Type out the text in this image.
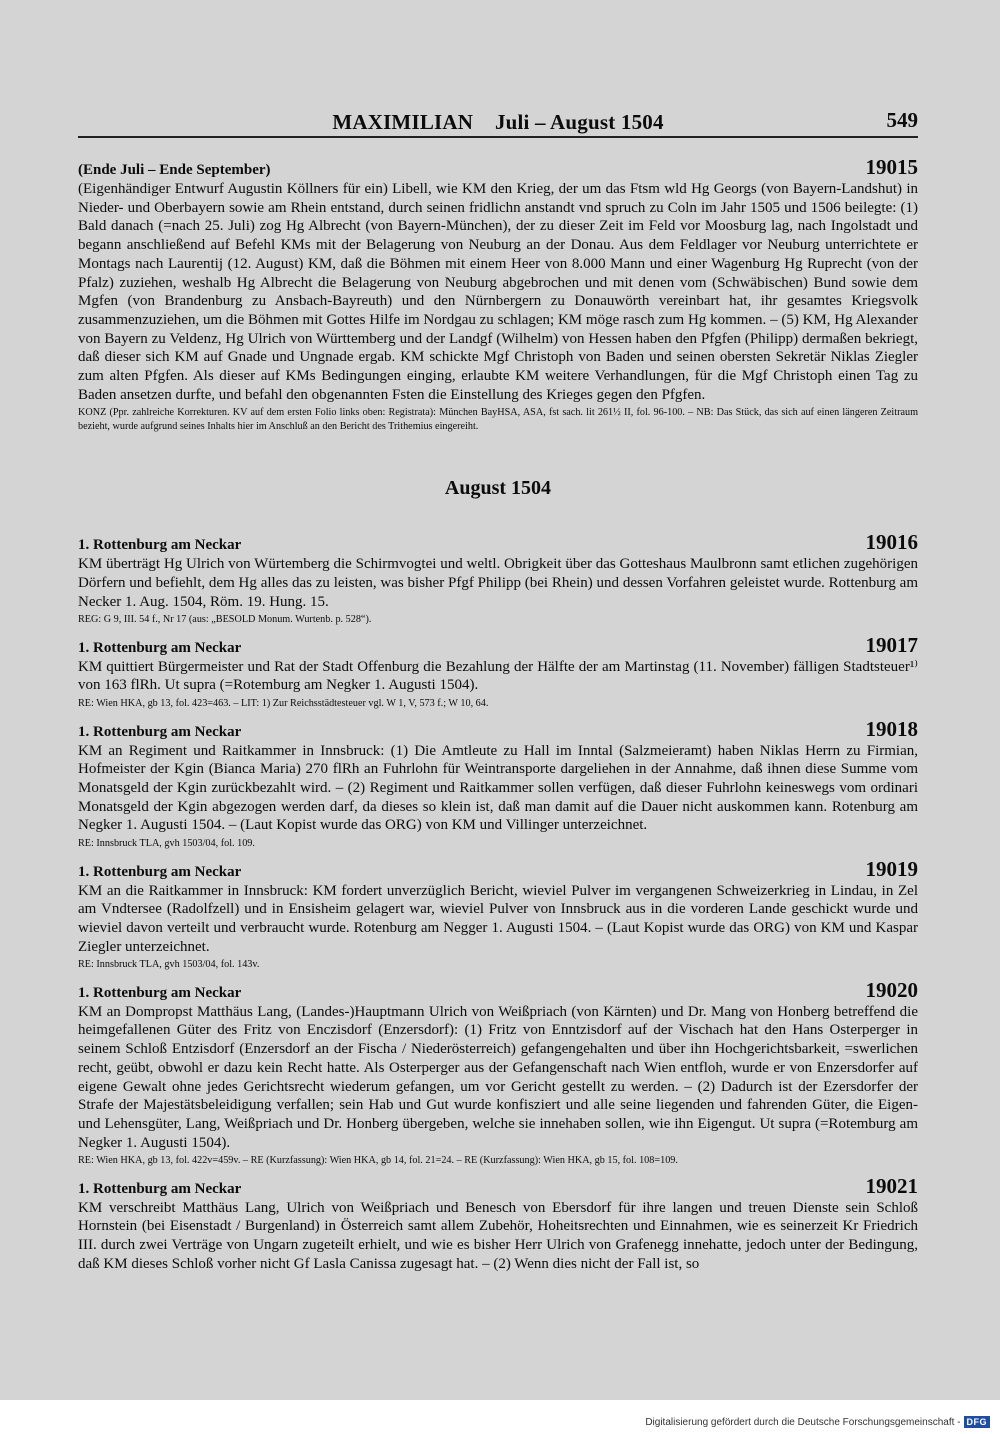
MAXIMILIAN    Juli – August 1504	549
(Ende Juli – Ende September)	19015

(Eigenhändiger Entwurf Augustin Köllners für ein) Libell, wie KM den Krieg, der um das Ftsm wld Hg Georgs (von Bayern-Landshut) in Nieder- und Oberbayern sowie am Rhein entstand, durch seinen fridlichn anstandt vnd spruch zu Coln im Jahr 1505 und 1506 beilegte: (1) Bald danach (=nach 25. Juli) zog Hg Albrecht (von Bayern-München), der zu dieser Zeit im Feld vor Moosburg lag, nach Ingolstadt und begann anschließend auf Befehl KMs mit der Belagerung von Neuburg an der Donau. Aus dem Feldlager vor Neuburg unterrichtete er Montags nach Laurentij (12. August) KM, daß die Böhmen mit einem Heer von 8.000 Mann und einer Wagenburg Hg Ruprecht (von der Pfalz) zuziehen, weshalb Hg Albrecht die Belagerung von Neuburg abgebrochen und mit denen vom (Schwäbischen) Bund sowie dem Mgfen (von Brandenburg zu Ansbach-Bayreuth) und den Nürnbergern zu Donauwörth vereinbart hat, ihr gesamtes Kriegsvolk zusammenzuziehen, um die Böhmen mit Gottes Hilfe im Nordgau zu schlagen; KM möge rasch zum Hg kommen. – (5) KM, Hg Alexander von Bayern zu Veldenz, Hg Ulrich von Württemberg und der Landgf (Wilhelm) von Hessen haben den Pfgfen (Philipp) dermaßen bekriegt, daß dieser sich KM auf Gnade und Ungnade ergab. KM schickte Mgf Christoph von Baden und seinen obersten Sekretär Niklas Ziegler zum alten Pfgfen. Als dieser auf KMs Bedingungen einging, erlaubte KM weitere Verhandlungen, für die Mgf Christoph einen Tag zu Baden ansetzen durfte, und befahl den obgenannten Fsten die Einstellung des Krieges gegen den Pfgfen.

KONZ (Ppr. zahlreiche Korrekturen. KV auf dem ersten Folio links oben: Registrata): München BayHSA, ASA, fst sach. lit 261½ II, fol. 96-100. – NB: Das Stück, das sich auf einen längeren Zeitraum bezieht, wurde aufgrund seines Inhalts hier im Anschluß an den Bericht des Trithemius eingereiht.

August 1504
1. Rottenburg am Neckar	19016

KM überträgt Hg Ulrich von Würtemberg die Schirmvogtei und weltl. Obrigkeit über das Gotteshaus Maulbronn samt etlichen zugehörigen Dörfern und befiehlt, dem Hg alles das zu leisten, was bisher Pfgf Philipp (bei Rhein) und dessen Vorfahren geleistet wurde. Rottenburg am Necker 1. Aug. 1504, Röm. 19. Hung. 15.

REG: G 9, III. 54 f., Nr 17 (aus: „BESOLD Monum. Wurtenb. p. 528“).

1. Rottenburg am Neckar	19017

KM quittiert Bürgermeister und Rat der Stadt Offenburg die Bezahlung der Hälfte der am Martinstag (11. November) fälligen Stadtsteuer¹⁾ von 163 flRh. Ut supra (=Rotemburg am Negker 1. Augusti 1504).

RE: Wien HKA, gb 13, fol. 423=463. – LIT: 1) Zur Reichsstädtesteuer vgl. W 1, V, 573 f.; W 10, 64.

1. Rottenburg am Neckar	19018

KM an Regiment und Raitkammer in Innsbruck: (1) Die Amtleute zu Hall im Inntal (Salzmeieramt) haben Niklas Herrn zu Firmian, Hofmeister der Kgin (Bianca Maria) 270 flRh an Fuhrlohn für Weintransporte dargeliehen in der Annahme, daß ihnen diese Summe vom Monatsgeld der Kgin zurückbezahlt wird. – (2) Regiment und Raitkammer sollen verfügen, daß dieser Fuhrlohn keineswegs vom ordinari Monatsgeld der Kgin abgezogen werden darf, da dieses so klein ist, daß man damit auf die Dauer nicht auskommen kann. Rotenburg am Negker 1. Augusti 1504. – (Laut Kopist wurde das ORG) von KM und Villinger unterzeichnet.

RE: Innsbruck TLA, gvh 1503/04, fol. 109.

1. Rottenburg am Neckar	19019

KM an die Raitkammer in Innsbruck: KM fordert unverzüglich Bericht, wieviel Pulver im vergangenen Schweizerkrieg in Lindau, in Zel am Vndtersee (Radolfzell) und in Ensisheim gelagert war, wieviel Pulver von Innsbruck aus in die vorderen Lande geschickt wurde und wieviel davon verteilt und verbraucht wurde. Rotenburg am Negger 1. Augusti 1504. – (Laut Kopist wurde das ORG) von KM und Kaspar Ziegler unterzeichnet.

RE: Innsbruck TLA, gvh 1503/04, fol. 143v.

1. Rottenburg am Neckar	19020

KM an Dompropst Matthäus Lang, (Landes-)Hauptmann Ulrich von Weißpriach (von Kärnten) und Dr. Mang von Honberg betreffend die heimgefallenen Güter des Fritz von Enczisdorf (Enzersdorf): (1) Fritz von Enntzisdorf auf der Vischach hat den Hans Osterperger in seinem Schloß Entzisdorf (Enzersdorf an der Fischa / Niederösterreich) gefangengehalten und über ihn Hochgerichtsbarkeit, =swerlichen recht, geübt, obwohl er dazu kein Recht hatte. Als Osterperger aus der Gefangenschaft nach Wien entfloh, wurde er von Enzersdorfer auf eigene Gewalt ohne jedes Gerichtsrecht wiederum gefangen, um vor Gericht gestellt zu werden. – (2) Dadurch ist der Ezersdorfer der Strafe der Majestätsbeleidigung verfallen; sein Hab und Gut wurde konfisziert und alle seine liegenden und fahrenden Güter, die Eigen- und Lehensgüter, Lang, Weißpriach und Dr. Honberg übergeben, welche sie innehaben sollen, wie ihn Eigengut. Ut supra (=Rotemburg am Negker 1. Augusti 1504).

RE: Wien HKA, gb 13, fol. 422v=459v. – RE (Kurzfassung): Wien HKA, gb 14, fol. 21=24. – RE (Kurzfassung): Wien HKA, gb 15, fol. 108=109.

1. Rottenburg am Neckar	19021

KM verschreibt Matthäus Lang, Ulrich von Weißpriach und Benesch von Ebersdorf für ihre langen und treuen Dienste sein Schloß Hornstein (bei Eisenstadt / Burgenland) in Österreich samt allem Zubehör, Hoheitsrechten und Einnahmen, wie es seinerzeit Kr Friedrich III. durch zwei Verträge von Ungarn zugeteilt erhielt, und wie es bisher Herr Ulrich von Grafenegg innehatte, jedoch unter der Bedingung, daß KM dieses Schloß vorher nicht Gf Lasla Canissa zugesagt hat. – (2) Wenn dies nicht der Fall ist, so

Digitalisierung gefördert durch die Deutsche Forschungsgemeinschaft - DFG
